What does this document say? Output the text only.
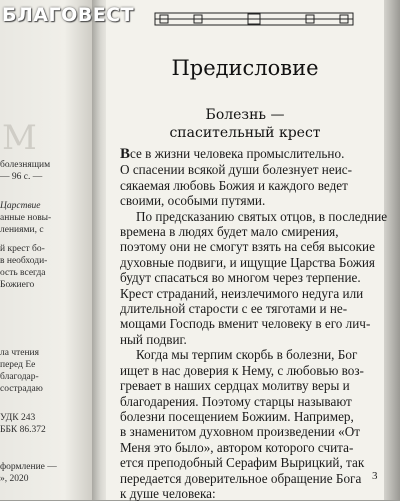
М
болезнящим
— 96 с. —
Царствие
анные новы-
лениями, с
й крест бо-
в необходи-
ость всегда
Божиего
ла чтения
перед Ее
благодар-
сострадаю
УДК 243
ББК 86.372
формление —
», 2020
БЛАГОВЕСТ
Предисловие
Болезнь —
спасительный крест
Все в жизни человека промыслительно.
О спасении всякой души болезнует неис-
сякаемая любовь Божия и каждого ведет
своими, особыми путями.
По предсказанию святых отцов, в последние
времена в людях будет мало смирения,
поэтому они не смогут взять на себя высокие
духовные подвиги, и ищущие Царства Божия
будут спасаться во многом через терпение.
Крест страданий, неизлечимого недуга или
длительной старости с ее тяготами и не-
мощами Господь вменит человеку в его лич-
ный подвиг.
Когда мы терпим скорбь в болезни, Бог
ищет в нас доверия к Нему, с любовью воз-
гревает в наших сердцах молитву веры и
благодарения. Поэтому старцы называют
болезни посещением Божиим. Например,
в знаменитом духовном произведении «От
Меня это было», автором которого счита-
ется преподобный Серафим Вырицкий, так
передается доверительное обращение Бога
к душе человека:
3
